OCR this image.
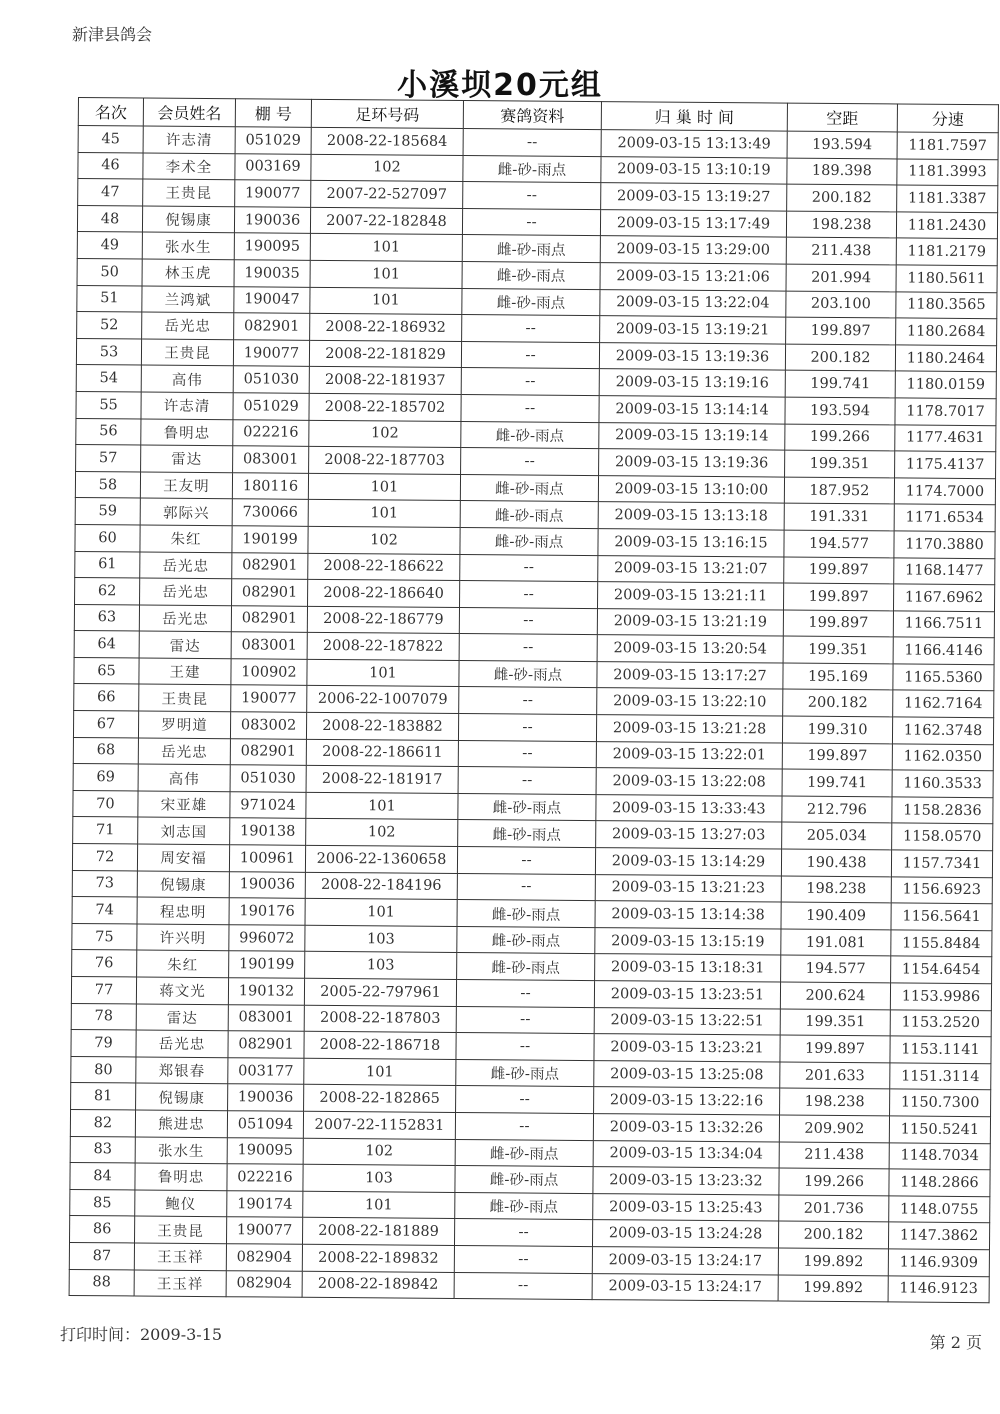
新津县鸽会
小溪坝20元组
名次	会员姓名	棚 号	足环号码	赛鸽资料	归 巢 时 间	空距	分速
45	许志清	051029	2008-22-185684	--	2009-03-15 13:13:49	193.594	1181.7597
46	李术全	003169	102	雌-砂-雨点	2009-03-15 13:10:19	189.398	1181.3993
47	王贵昆	190077	2007-22-527097	--	2009-03-15 13:19:27	200.182	1181.3387
48	倪锡康	190036	2007-22-182848	--	2009-03-15 13:17:49	198.238	1181.2430
49	张水生	190095	101	雌-砂-雨点	2009-03-15 13:29:00	211.438	1181.2179
50	林玉虎	190035	101	雌-砂-雨点	2009-03-15 13:21:06	201.994	1180.5611
51	兰鸿斌	190047	101	雌-砂-雨点	2009-03-15 13:22:04	203.100	1180.3565
52	岳光忠	082901	2008-22-186932	--	2009-03-15 13:19:21	199.897	1180.2684
53	王贵昆	190077	2008-22-181829	--	2009-03-15 13:19:36	200.182	1180.2464
54	高伟	051030	2008-22-181937	--	2009-03-15 13:19:16	199.741	1180.0159
55	许志清	051029	2008-22-185702	--	2009-03-15 13:14:14	193.594	1178.7017
56	鲁明忠	022216	102	雌-砂-雨点	2009-03-15 13:19:14	199.266	1177.4631
57	雷达	083001	2008-22-187703	--	2009-03-15 13:19:36	199.351	1175.4137
58	王友明	180116	101	雌-砂-雨点	2009-03-15 13:10:00	187.952	1174.7000
59	郭际兴	730066	101	雌-砂-雨点	2009-03-15 13:13:18	191.331	1171.6534
60	朱红	190199	102	雌-砂-雨点	2009-03-15 13:16:15	194.577	1170.3880
61	岳光忠	082901	2008-22-186622	--	2009-03-15 13:21:07	199.897	1168.1477
62	岳光忠	082901	2008-22-186640	--	2009-03-15 13:21:11	199.897	1167.6962
63	岳光忠	082901	2008-22-186779	--	2009-03-15 13:21:19	199.897	1166.7511
64	雷达	083001	2008-22-187822	--	2009-03-15 13:20:54	199.351	1166.4146
65	王建	100902	101	雌-砂-雨点	2009-03-15 13:17:27	195.169	1165.5360
66	王贵昆	190077	2006-22-1007079	--	2009-03-15 13:22:10	200.182	1162.7164
67	罗明道	083002	2008-22-183882	--	2009-03-15 13:21:28	199.310	1162.3748
68	岳光忠	082901	2008-22-186611	--	2009-03-15 13:22:01	199.897	1162.0350
69	高伟	051030	2008-22-181917	--	2009-03-15 13:22:08	199.741	1160.3533
70	宋亚雄	971024	101	雌-砂-雨点	2009-03-15 13:33:43	212.796	1158.2836
71	刘志国	190138	102	雌-砂-雨点	2009-03-15 13:27:03	205.034	1158.0570
72	周安福	100961	2006-22-1360658	--	2009-03-15 13:14:29	190.438	1157.7341
73	倪锡康	190036	2008-22-184196	--	2009-03-15 13:21:23	198.238	1156.6923
74	程忠明	190176	101	雌-砂-雨点	2009-03-15 13:14:38	190.409	1156.5641
75	许兴明	996072	103	雌-砂-雨点	2009-03-15 13:15:19	191.081	1155.8484
76	朱红	190199	103	雌-砂-雨点	2009-03-15 13:18:31	194.577	1154.6454
77	蒋文光	190132	2005-22-797961	--	2009-03-15 13:23:51	200.624	1153.9986
78	雷达	083001	2008-22-187803	--	2009-03-15 13:22:51	199.351	1153.2520
79	岳光忠	082901	2008-22-186718	--	2009-03-15 13:23:21	199.897	1153.1141
80	郑银春	003177	101	雌-砂-雨点	2009-03-15 13:25:08	201.633	1151.3114
81	倪锡康	190036	2008-22-182865	--	2009-03-15 13:22:16	198.238	1150.7300
82	熊进忠	051094	2007-22-1152831	--	2009-03-15 13:32:26	209.902	1150.5241
83	张水生	190095	102	雌-砂-雨点	2009-03-15 13:34:04	211.438	1148.7034
84	鲁明忠	022216	103	雌-砂-雨点	2009-03-15 13:23:32	199.266	1148.2866
85	鲍仪	190174	101	雌-砂-雨点	2009-03-15 13:25:43	201.736	1148.0755
86	王贵昆	190077	2008-22-181889	--	2009-03-15 13:24:28	200.182	1147.3862
87	王玉祥	082904	2008-22-189832	--	2009-03-15 13:24:17	199.892	1146.9309
88	王玉祥	082904	2008-22-189842	--	2009-03-15 13:24:17	199.892	1146.9123
打印时间：2009-3-15	第 2 页
